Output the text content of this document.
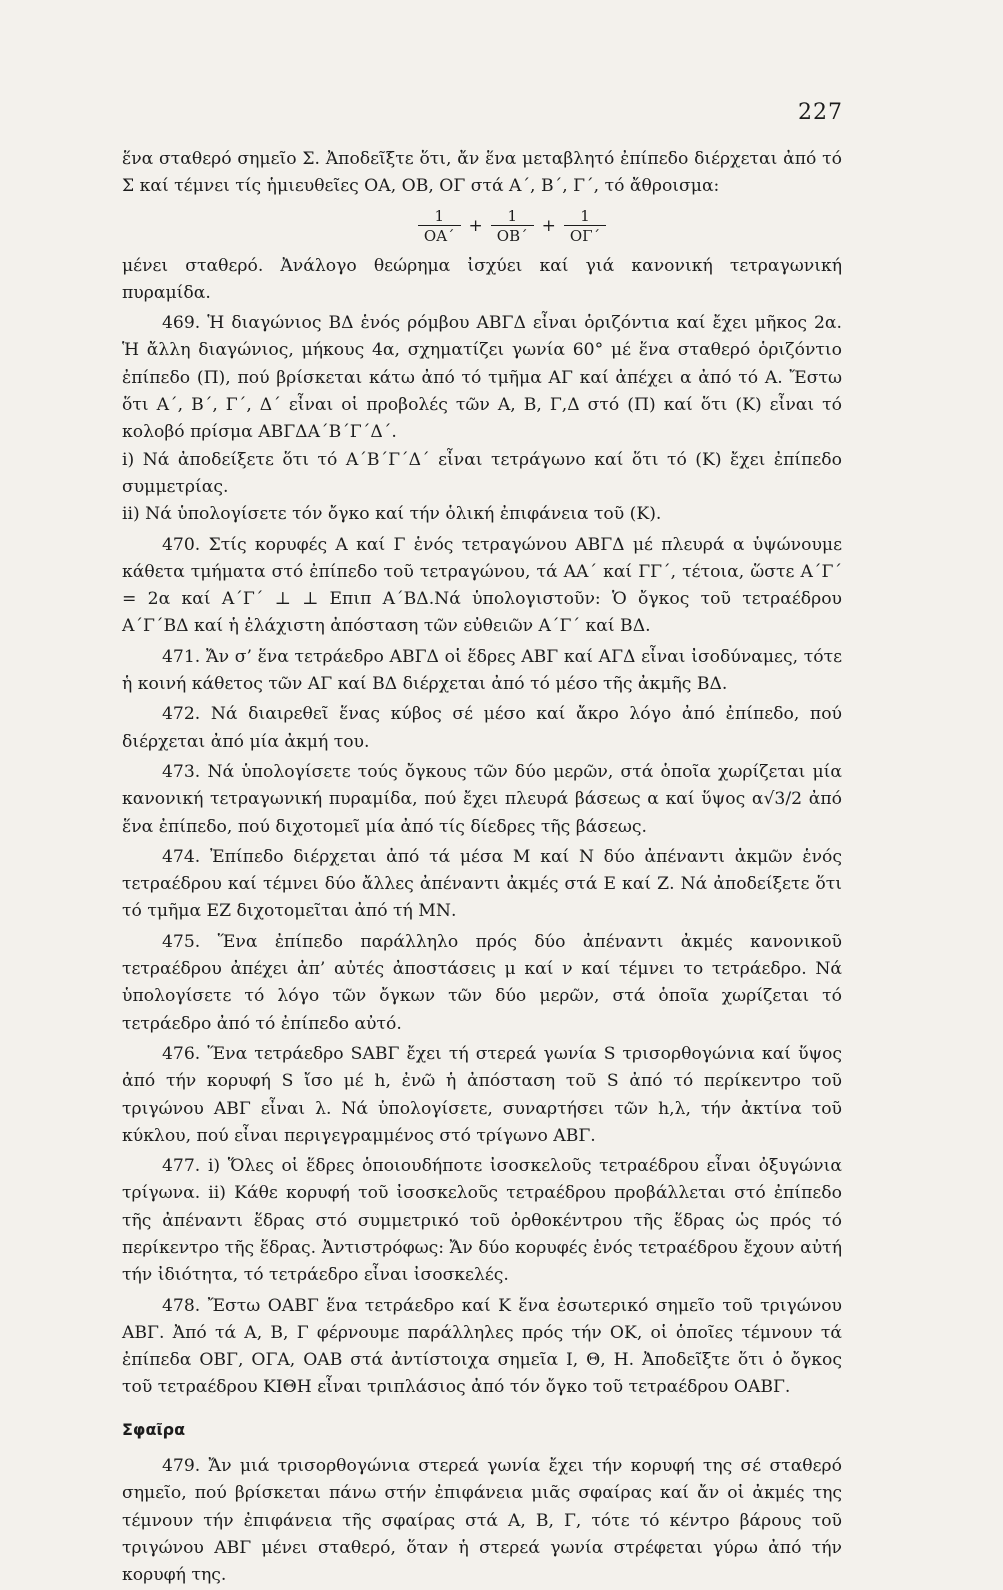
227

ἕνα σταθερό σημεῖο Σ. Ἀποδεῖξτε ὅτι, ἄν ἕνα μεταβλητό ἐπίπεδο διέρχεται ἀπό τό Σ καί τέμνει τίς ἡμιευθεῖες ΟΑ, ΟΒ, ΟΓ στά Α΄, Β΄, Γ΄, τό ἄθροισμα:

$\frac{1}{OA΄} + \frac{1}{OB΄} + \frac{1}{O\Gamma΄}$

μένει σταθερό. Ἀνάλογο θεώρημα ἰσχύει καί γιά κανονική τετραγωνική πυραμίδα.

469. Ἡ διαγώνιος ΒΔ ἑνός ρόμβου ΑΒΓΔ εἶναι ὁριζόντια καί ἔχει μῆκος 2α. Ἡ ἄλλη διαγώνιος, μήκους 4α, σχηματίζει γωνία 60° μέ ἕνα σταθερό ὁριζόντιο ἐπίπεδο (Π), πού βρίσκεται κάτω ἀπό τό τμῆμα ΑΓ καί ἀπέχει α ἀπό τό Α. Ἔστω ὅτι Α΄, Β΄, Γ΄, Δ΄ εἶναι οἱ προβολές τῶν Α, Β, Γ,Δ στό (Π) καί ὅτι (Κ) εἶναι τό κολοβό πρίσμα ΑΒΓΔΑ΄Β΄Γ΄Δ΄.

i) Νά ἀποδείξετε ὅτι τό Α΄Β΄Γ΄Δ΄ εἶναι τετράγωνο καί ὅτι τό (Κ) ἔχει ἐπίπεδο συμμετρίας.

ii) Νά ὑπολογίσετε τόν ὄγκο καί τήν ὁλική ἐπιφάνεια τοῦ (Κ).

470. Στίς κορυφές Α καί Γ ἑνός τετραγώνου ΑΒΓΔ μέ πλευρά α ὑψώνουμε κάθετα τμήματα στό ἐπίπεδο τοῦ τετραγώνου, τά ΑΑ΄ καί ΓΓ΄, τέτοια, ὥστε Α΄Γ΄ = 2α καί Α΄Γ΄ ⊥ ⊥ Επιπ Α΄ΒΔ.Νά ὑπολογιστοῦν: Ὁ ὄγκος τοῦ τετραέδρου Α΄Γ΄ΒΔ καί ἡ ἐλάχιστη ἀπόσταση τῶν εὐθειῶν Α΄Γ΄ καί ΒΔ.

471. Ἄν σ’ ἕνα τετράεδρο ΑΒΓΔ οἱ ἕδρες ΑΒΓ καί ΑΓΔ εἶναι ἰσοδύναμες, τότε ἡ κοινή κάθετος τῶν ΑΓ καί ΒΔ διέρχεται ἀπό τό μέσο τῆς ἀκμῆς ΒΔ.

472. Νά διαιρεθεῖ ἕνας κύβος σέ μέσο καί ἄκρο λόγο ἀπό ἐπίπεδο, πού διέρχεται ἀπό μία ἀκμή του.

473. Νά ὑπολογίσετε τούς ὄγκους τῶν δύο μερῶν, στά ὁποῖα χωρίζεται μία κανονική τετραγωνική πυραμίδα, πού ἔχει πλευρά βάσεως α καί ὕψος α√3/2 ἀπό ἕνα ἐπίπεδο, πού διχοτομεῖ μία ἀπό τίς δίεδρες τῆς βάσεως.

474. Ἐπίπεδο διέρχεται ἀπό τά μέσα Μ καί Ν δύο ἀπέναντι ἀκμῶν ἑνός τετραέδρου καί τέμνει δύο ἄλλες ἀπέναντι ἀκμές στά Ε καί Ζ. Νά ἀποδείξετε ὅτι τό τμῆμα ΕΖ διχοτομεῖται ἀπό τή ΜΝ.

475. Ἕνα ἐπίπεδο παράλληλο πρός δύο ἀπέναντι ἀκμές κανονικοῦ τετραέδρου ἀπέχει ἀπ’ αὐτές ἀποστάσεις μ καί ν καί τέμνει το τετράεδρο. Νά ὑπολογίσετε τό λόγο τῶν ὄγκων τῶν δύο μερῶν, στά ὁποῖα χωρίζεται τό τετράεδρο ἀπό τό ἐπίπεδο αὐτό.

476. Ἕνα τετράεδρο SΑΒΓ ἔχει τή στερεά γωνία S τρισορθογώνια καί ὕψος ἀπό τήν κορυφή S ἴσο μέ h, ἐνῶ ἡ ἀπόσταση τοῦ S ἀπό τό περίκεντρο τοῦ τριγώνου ΑΒΓ εἶναι λ. Νά ὑπολογίσετε, συναρτήσει τῶν h,λ, τήν ἀκτίνα τοῦ κύκλου, πού εἶναι περιγεγραμμένος στό τρίγωνο ΑΒΓ.

477. i) Ὅλες οἱ ἕδρες ὁποιουδήποτε ἰσοσκελοῦς τετραέδρου εἶναι ὀξυγώνια τρίγωνα. ii) Κάθε κορυφή τοῦ ἰσοσκελοῦς τετραέδρου προβάλλεται στό ἐπίπεδο τῆς ἀπέναντι ἕδρας στό συμμετρικό τοῦ ὀρθοκέντρου τῆς ἕδρας ὡς πρός τό περίκεντρο τῆς ἕδρας. Ἀντιστρόφως: Ἄν δύο κορυφές ἑνός τετραέδρου ἔχουν αὐτή τήν ἰδιότητα, τό τετράεδρο εἶναι ἰσοσκελές.

478. Ἔστω ΟΑΒΓ ἕνα τετράεδρο καί Κ ἕνα ἐσωτερικό σημεῖο τοῦ τριγώνου ΑΒΓ. Ἀπό τά Α, Β, Γ φέρνουμε παράλληλες πρός τήν ΟΚ, οἱ ὁποῖες τέμνουν τά ἐπίπεδα ΟΒΓ, ΟΓΑ, ΟΑΒ στά ἀντίστοιχα σημεῖα Ι, Θ, Η. Ἀποδεῖξτε ὅτι ὁ ὄγκος τοῦ τετραέδρου ΚΙΘΗ εἶναι τριπλάσιος ἀπό τόν ὄγκο τοῦ τετραέδρου ΟΑΒΓ.

Σφαῖρα

479. Ἄν μιά τρισορθογώνια στερεά γωνία ἔχει τήν κορυφή της σέ σταθερό σημεῖο, πού βρίσκεται πάνω στήν ἐπιφάνεια μιᾶς σφαίρας καί ἄν οἱ ἀκμές της τέμνουν τήν ἐπιφάνεια τῆς σφαίρας στά Α, Β, Γ, τότε τό κέντρο βάρους τοῦ τριγώνου ΑΒΓ μένει σταθερό, ὅταν ἡ στερεά γωνία στρέφεται γύρω ἀπό τήν κορυφή της.
